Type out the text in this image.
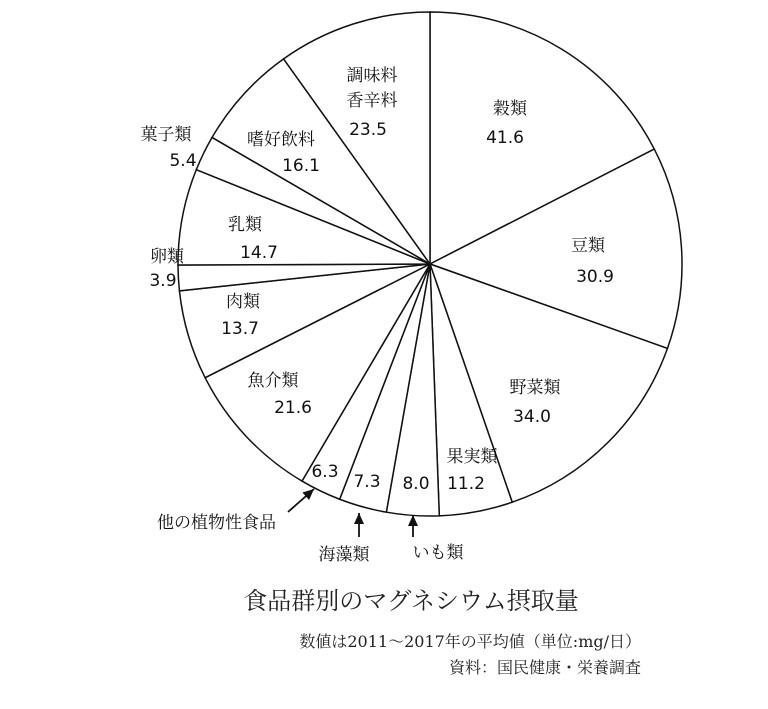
穀類
41.6
豆類
30.9
野菜類
34.0
果実類
11.2
8.0
7.3
6.3
魚介類
21.6
肉類
13.7
卵類
3.9
乳類
14.7
菓子類
5.4
嗜好飲料
16.1
調味料
香辛料
23.5
いも類
海藻類
他の植物性食品
食品群別のマグネシウム摂取量
数値は2011～2017年の平均値（単位:mg/日）
資料：国民健康・栄養調査
